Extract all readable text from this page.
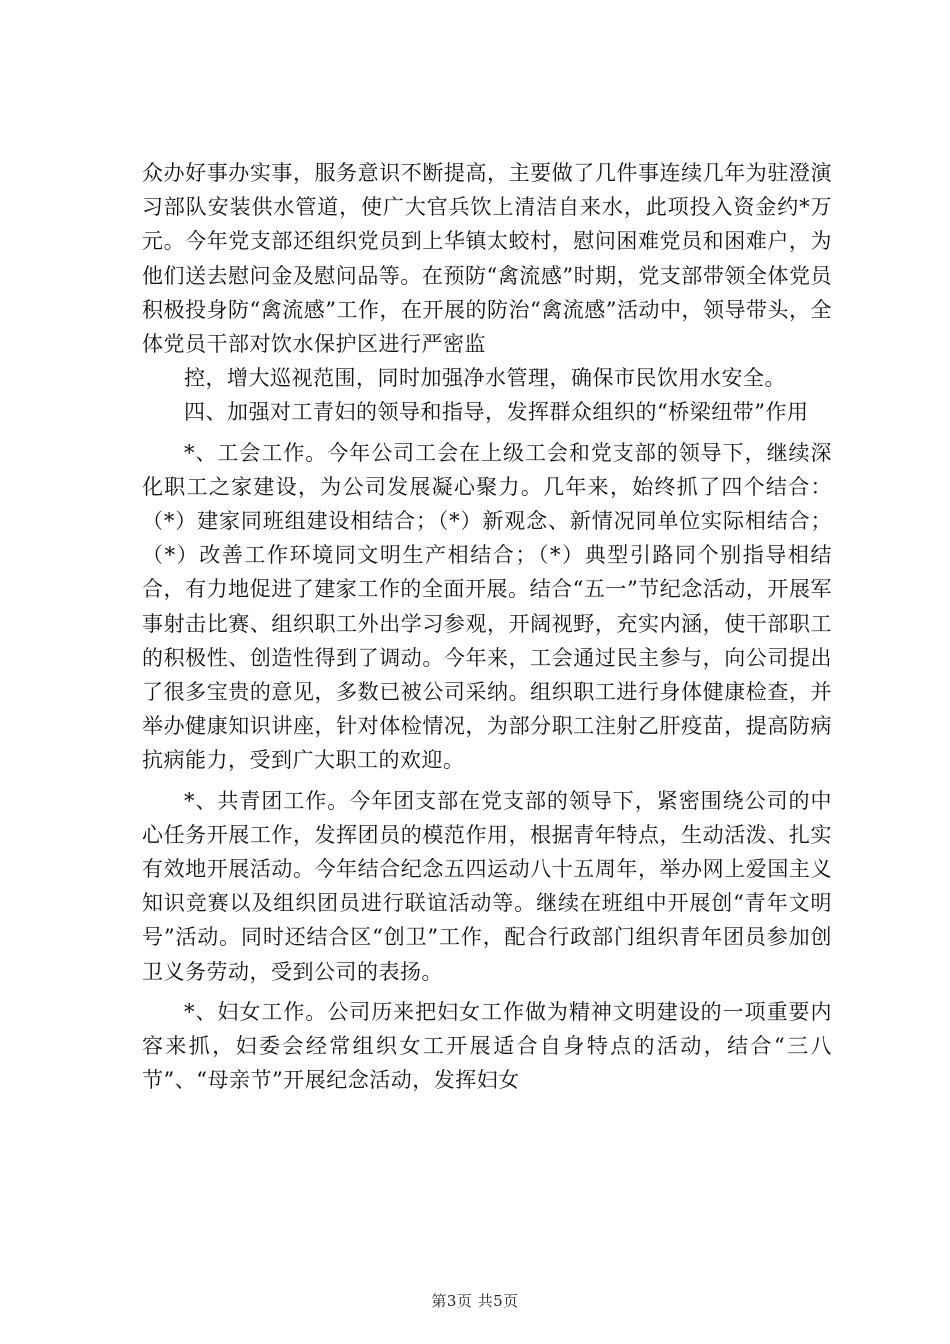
众办好事办实事，服务意识不断提高，主要做了几件事连续几年为驻澄演习部队安装供水管道，使广大官兵饮上清洁自来水，此项投入资金约*万元。今年党支部还组织党员到上华镇太蛟村，慰问困难党员和困难户，为他们送去慰问金及慰问品等。在预防“禽流感”时期，党支部带领全体党员积极投身防“禽流感”工作，在开展的防治“禽流感”活动中，领导带头，全体党员干部对饮水保护区进行严密监

控，增大巡视范围，同时加强净水管理，确保市民饮用水安全。

四、加强对工青妇的领导和指导，发挥群众组织的“桥梁纽带”作用

*、工会工作。今年公司工会在上级工会和党支部的领导下，继续深化职工之家建设，为公司发展凝心聚力。几年来，始终抓了四个结合：（*）建家同班组建设相结合；（*）新观念、新情况同单位实际相结合；（*）改善工作环境同文明生产相结合；（*）典型引路同个别指导相结合，有力地促进了建家工作的全面开展。结合“五一”节纪念活动，开展军事射击比赛、组织职工外出学习参观，开阔视野，充实内涵，使干部职工的积极性、创造性得到了调动。今年来，工会通过民主参与，向公司提出了很多宝贵的意见，多数已被公司采纳。组织职工进行身体健康检查，并举办健康知识讲座，针对体检情况，为部分职工注射乙肝疫苗，提高防病抗病能力，受到广大职工的欢迎。

*、共青团工作。今年团支部在党支部的领导下，紧密围绕公司的中心任务开展工作，发挥团员的模范作用，根据青年特点，生动活泼、扎实有效地开展活动。今年结合纪念五四运动八十五周年，举办网上爱国主义知识竞赛以及组织团员进行联谊活动等。继续在班组中开展创“青年文明号”活动。同时还结合区“创卫”工作，配合行政部门组织青年团员参加创卫义务劳动，受到公司的表扬。

*、妇女工作。公司历来把妇女工作做为精神文明建设的一项重要内容来抓，妇委会经常组织女工开展适合自身特点的活动，结合“三八节”、“母亲节”开展纪念活动，发挥妇女

第3页 共5页
